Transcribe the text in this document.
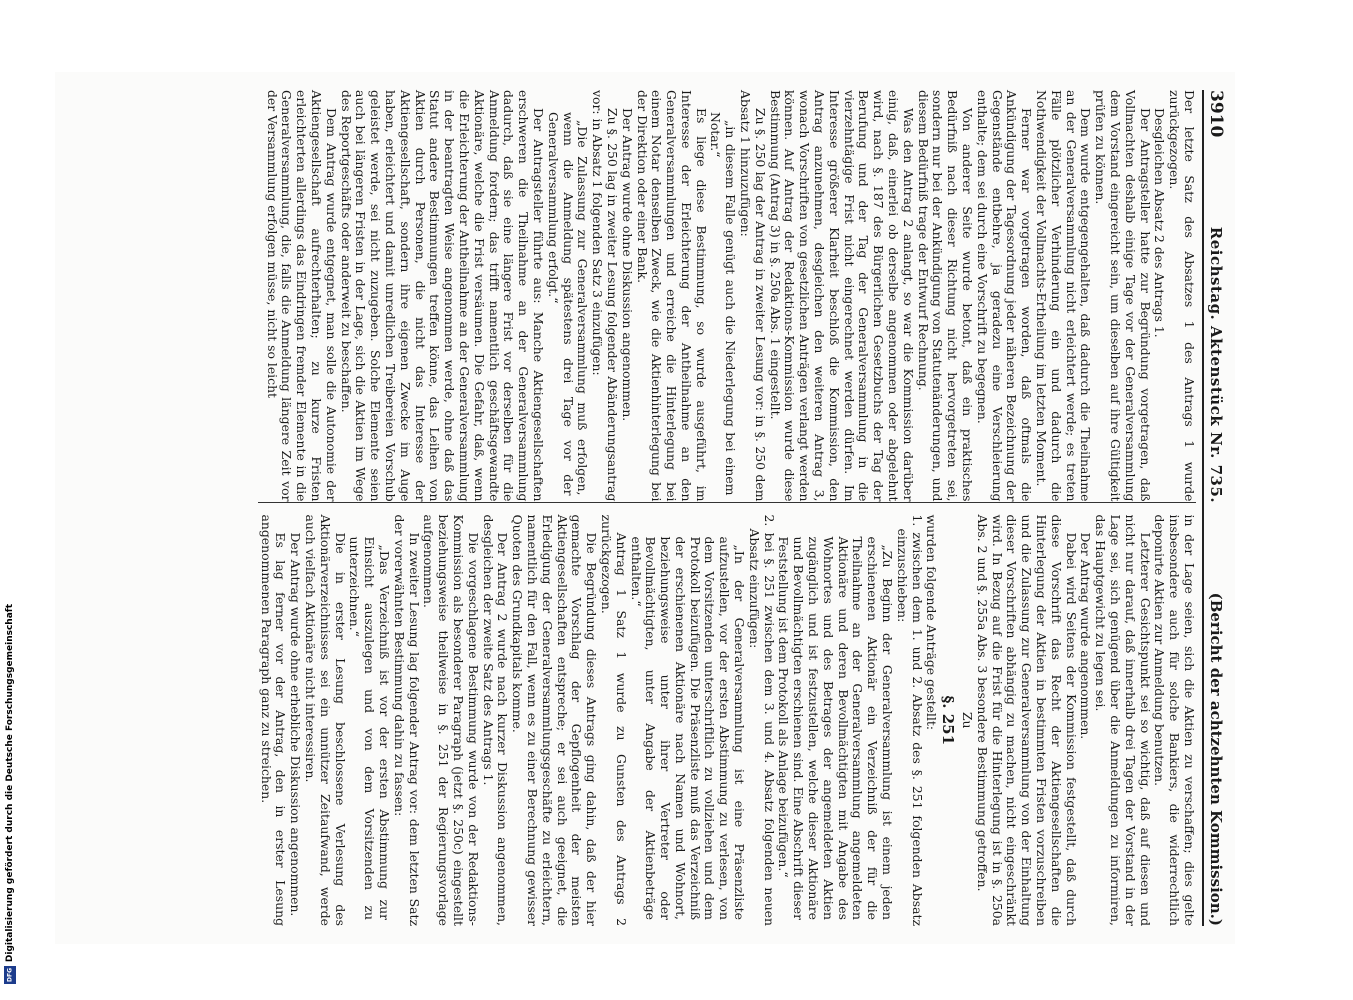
3910
Reichstag. Aktenstück Nr. 735.
(Bericht der achtzehnten Kommission.)

Der letzte Satz des Absatzes 1 des Antrags 1 wurde zurückgezogen.

Desgleichen Absatz 2 des Antrags 1.

Der Antragsteller hatte zur Begründung vorgetragen, daß Vollmachten deshalb einige Tage vor der Generalversammlung dem Vorstand eingereicht sein, um dieselben auf ihre Gültigkeit prüfen zu können.

Dem wurde entgegengehalten, daß dadurch die Theilnahme an der Generalversammlung nicht erleichtert werde; es treten Fälle plötzlicher Verhinderung ein und dadurch die Nothwendigkeit der Vollmachts-Ertheilung im letzten Moment.

Ferner war vorgetragen worden, daß oftmals die Ankündigung der Tagesordnung jeder näheren Bezeichnung der Gegenstände entbehre, ja geradezu eine Verschleierung enthalte; dem sei durch eine Vorschrift zu begegnen.

Von anderer Seite wurde betont, daß ein praktisches Bedürfniß nach dieser Richtung nicht hervorgetreten sei, sondern nur bei der Ankündigung von Statutenänderungen, und diesem Bedürfniß trage der Entwurf Rechnung.

Was den Antrag 2 anlangt, so war die Kommission darüber einig, daß, einerlei ob derselbe angenommen oder abgelehnt wird, nach §. 187 des Bürgerlichen Gesetzbuchs der Tag der Berufung und der Tag der Generalversammlung in die vierzehntägige Frist nicht eingerechnet werden dürfen. Im Interesse größerer Klarheit beschloß die Kommission, den Antrag anzunehmen, desgleichen den weiteren Antrag 3, wonach Vorschriften von gesetzlichen Anträgen verlangt werden können. Auf Antrag der Redaktions-Kommission wurde diese Bestimmung (Antrag 3) in §. 250a Abs. 1 eingestellt.

Zu §. 250 lag der Antrag in zweiter Lesung vor: in §. 250 dem Absatz 1 hinzuzufügen:

„in diesem Falle genügt auch die Niederlegung bei einem Notar.“

Es liege diese Bestimmung, so wurde ausgeführt, im Interesse der Erleichterung der Antheilnahme an den Generalversammlungen und erreiche die Hinterlegung bei einem Notar denselben Zweck, wie die Aktienhinterlegung bei der Direktion oder einer Bank.

Der Antrag wurde ohne Diskussion angenommen.

Zu §. 250 lag in zweiter Lesung folgender Abänderungsantrag vor: in Absatz 1 folgenden Satz 3 einzufügen:

„Die Zulassung zur Generalversammlung muß erfolgen, wenn die Anmeldung spätestens drei Tage vor der Generalversammlung erfolgt.“

Der Antragsteller führte aus: Manche Aktiengesellschaften erschweren die Theilnahme an der Generalversammlung dadurch, daß sie eine längere Frist vor derselben für die Anmeldung fordern; das trifft namentlich geschäftsgewandte Aktionäre, welche die Frist versäumen. Die Gefahr, daß, wenn die Erleichterung der Antheilnahme an der Generalversammlung in der beantragten Weise angenommen werde, ohne daß das Statut andere Bestimmungen treffen könne, das Leihen von Aktien durch Personen, die nicht das Interesse der Aktiengesellschaft, sondern ihre eigenen Zwecke im Auge haben, erleichtert und damit unredlichen Treibereien Vorschub geleistet werde, sei nicht zuzugeben. Solche Elemente seien auch bei längeren Fristen in der Lage, sich die Aktien im Wege des Reportgeschäfts oder anderweit zu beschaffen.

Dem Antrag wurde entgegnet, man solle die Autonomie der Aktiengesellschaft aufrechterhalten; zu kurze Fristen erleichterten allerdings das Eindringen fremder Elemente in die Generalversammlung, die, falls die Anmeldung längere Zeit vor der Versammlung erfolgen müsse, nicht so leicht

in der Lage seien, sich die Aktien zu verschaffen; dies gelte insbesondere auch für solche Bankiers, die widerrechtlich deponirte Aktien zur Anmeldung benutzen.

Letzterer Gesichtspunkt sei so wichtig, daß auf diesen und nicht nur darauf, daß innerhalb drei Tagen der Vorstand in der Lage sei, sich genügend über die Anmeldungen zu informiren, das Hauptgewicht zu legen sei.

Der Antrag wurde angenommen.

Dabei wird Seitens der Kommission festgestellt, daß durch diese Vorschrift das Recht der Aktiengesellschaften die Hinterlegung der Aktien in bestimmten Fristen vorzuschreiben und die Zulassung zur Generalversammlung von der Einhaltung dieser Vorschriften abhängig zu machen, nicht eingeschränkt wird. In Bezug auf die Frist für die Hinterlegung ist in §. 250a Abs. 2 und §. 255a Abs. 3 besondere Bestimmung getroffen.

Zu

§. 251

wurden folgende Anträge gestellt:

1. zwischen dem 1. und 2. Absatz des §. 251 folgenden Absatz einzuschieben:

„Zu Beginn der Generalversammlung ist einem jeden erschienenen Aktionär ein Verzeichniß der für die Theilnahme an der Generalversammlung angemeldeten Aktionäre und deren Bevollmächtigten mit Angabe des Wohnortes und des Betrages der angemeldeten Aktien zugänglich und ist festzustellen, welche dieser Aktionäre und Bevollmächtigten erschienen sind. Eine Abschrift dieser Feststellung ist dem Protokoll als Anlage beizufügen.“

2. bei §. 251 zwischen dem 3. und 4. Absatz folgenden neuen Absatz einzufügen:

„In der Generalversammlung ist eine Präsenzliste aufzustellen, vor der ersten Abstimmung zu verlesen, von dem Vorsitzenden unterschriftlich zu vollziehen und dem Protokoll beizufügen. Die Präsenzliste muß das Verzeichniß der erschienenen Aktionäre nach Namen und Wohnort, beziehungsweise unter ihrer Vertreter oder Bevollmächtigten, unter Angabe der Aktienbeträge enthalten.“

Antrag 1 Satz 1 wurde zu Gunsten des Antrags 2 zurückgezogen.

Die Begründung dieses Antrags ging dahin, daß der hier gemachte Vorschlag der Gepflogenheit der meisten Aktiengesellschaften entspreche; er sei auch geeignet, die Erledigung der Generalversammlungsgeschäfte zu erleichtern, namentlich für den Fall, wenn es zu einer Berechnung gewisser Quoten des Grundkapitals komme.

Der Antrag 2 wurde nach kurzer Diskussion angenommen, desgleichen der zweite Satz des Antrags 1.

Die vorgeschlagene Bestimmung wurde von der Redaktions-Kommission als besonderer Paragraph (jetzt §. 250c) eingestellt beziehungsweise theilweise in §. 251 der Regierungsvorlage aufgenommen.

In zweiter Lesung lag folgender Antrag vor: dem letzten Satz der vorerwähnten Bestimmung dahin zu fassen:

„Das Verzeichniß ist vor der ersten Abstimmung zur Einsicht auszulegen und von dem Vorsitzenden zu unterzeichnen.“

Die in erster Lesung beschlossene Verlesung des Aktionärverzeichnisses sei ein unnützer Zeitaufwand, werde auch vielfach Aktionäre nicht interessiren.

Der Antrag wurde ohne erhebliche Diskussion angenommen.

Es lag ferner vor der Antrag, den in erster Lesung angenommenen Paragraph ganz zu streichen.

Digitalisierung gefördert durch die Deutsche Forschungsgemeinschaft
DFG
